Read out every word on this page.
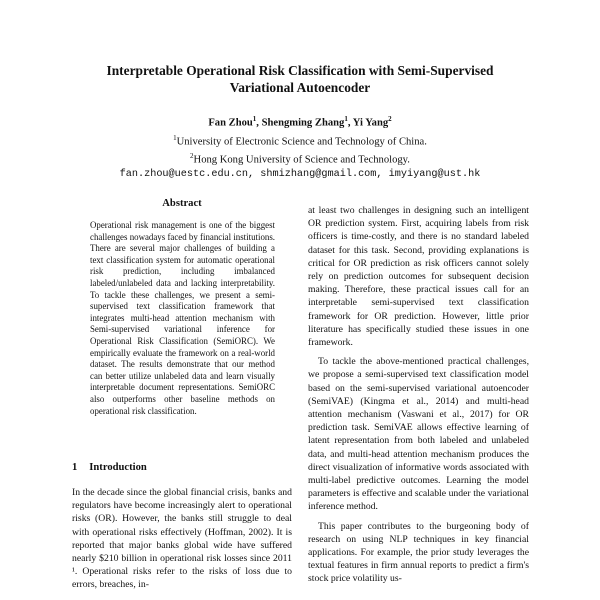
Interpretable Operational Risk Classification with Semi-Supervised
Variational Autoencoder
Fan Zhou$^1$, Shengming Zhang$^1$, Yi Yang$^2$
$^1$University of Electronic Science and Technology of China.
$^2$Hong Kong University of Science and Technology.
fan.zhou@uestc.edu.cn, shmizhang@gmail.com, imyiyang@ust.hk
Abstract
Operational risk management is one of the biggest challenges nowadays faced by financial institutions. There are several major challenges of building a text classification system for automatic operational risk prediction, including imbalanced labeled/unlabeled data and lacking interpretability. To tackle these challenges, we present a semi-supervised text classification framework that integrates multi-head attention mechanism with Semi-supervised variational inference for Operational Risk Classification (SemiORC). We empirically evaluate the framework on a real-world dataset. The results demonstrate that our method can better utilize unlabeled data and learn visually interpretable document representations. SemiORC also outperforms other baseline methods on operational risk classification.
1 Introduction

In the decade since the global financial crisis, banks and regulators have become increasingly alert to operational risks (OR). However, the banks still struggle to deal with operational risks effectively (Hoffman, 2002). It is reported that major banks global wide have suffered nearly $210 billion in operational risk losses since 2011 ¹. Operational risks refer to the risks of loss due to errors, breaches, in-

at least two challenges in designing such an intelligent OR prediction system. First, acquiring labels from risk officers is time-costly, and there is no standard labeled dataset for this task. Second, providing explanations is critical for OR prediction as risk officers cannot solely rely on prediction outcomes for subsequent decision making. Therefore, these practical issues call for an interpretable semi-supervised text classification framework for OR prediction. However, little prior literature has specifically studied these issues in one framework.

To tackle the above-mentioned practical challenges, we propose a semi-supervised text classification model based on the semi-supervised variational autoencoder (SemiVAE) (Kingma et al., 2014) and multi-head attention mechanism (Vaswani et al., 2017) for OR prediction task. SemiVAE allows effective learning of latent representation from both labeled and unlabeled data, and multi-head attention mechanism produces the direct visualization of informative words associated with multi-label predictive outcomes. Learning the model parameters is effective and scalable under the variational inference method.

This paper contributes to the burgeoning body of research on using NLP techniques in key financial applications. For example, the prior study leverages the textual features in firm annual reports to predict a firm's stock price volatility us-
